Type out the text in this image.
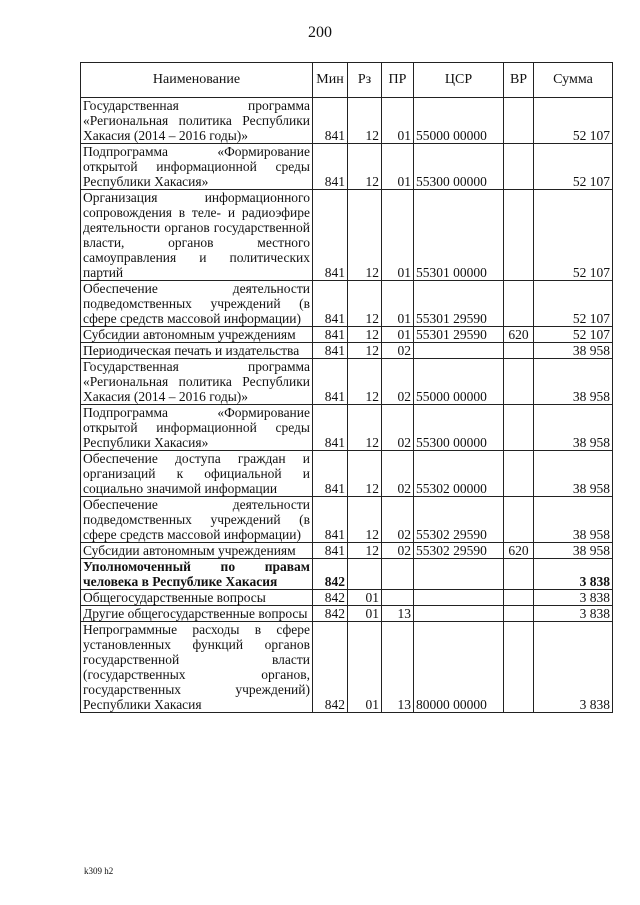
200
Наименование	Мин	Рз	ПР	ЦСР	ВР	Сумма
Государственная программа «Региональная политика Республики Хакасия (2014 – 2016 годы)»	841	12	01	55000 00000		52 107
Подпрограмма «Формирование открытой информационной среды Республики Хакасия»	841	12	01	55300 00000		52 107
Организация информационного сопровождения в теле- и радиоэфире деятельности органов государственной власти, органов местного самоуправления и политических партий	841	12	01	55301 00000		52 107
Обеспечение деятельности подведомственных учреждений (в сфере средств массовой информации)	841	12	01	55301 29590		52 107
Субсидии автономным учреждениям	841	12	01	55301 29590	620	52 107
Периодическая печать и издательства	841	12	02			38 958
Государственная программа «Региональная политика Республики Хакасия (2014 – 2016 годы)»	841	12	02	55000 00000		38 958
Подпрограмма «Формирование открытой информационной среды Республики Хакасия»	841	12	02	55300 00000		38 958
Обеспечение доступа граждан и организаций к официальной и социально значимой информации	841	12	02	55302 00000		38 958
Обеспечение деятельности подведомственных учреждений (в сфере средств массовой информации)	841	12	02	55302 29590		38 958
Субсидии автономным учреждениям	841	12	02	55302 29590	620	38 958
Уполномоченный по правам человека в Республике Хакасия	842					3 838
Общегосударственные вопросы	842	01				3 838
Другие общегосударственные вопросы	842	01	13			3 838
Непрограммные расходы в сфере установленных функций органов государственной власти (государственных органов, государственных учреждений) Республики Хакасия	842	01	13	80000 00000		3 838
k309 h2
